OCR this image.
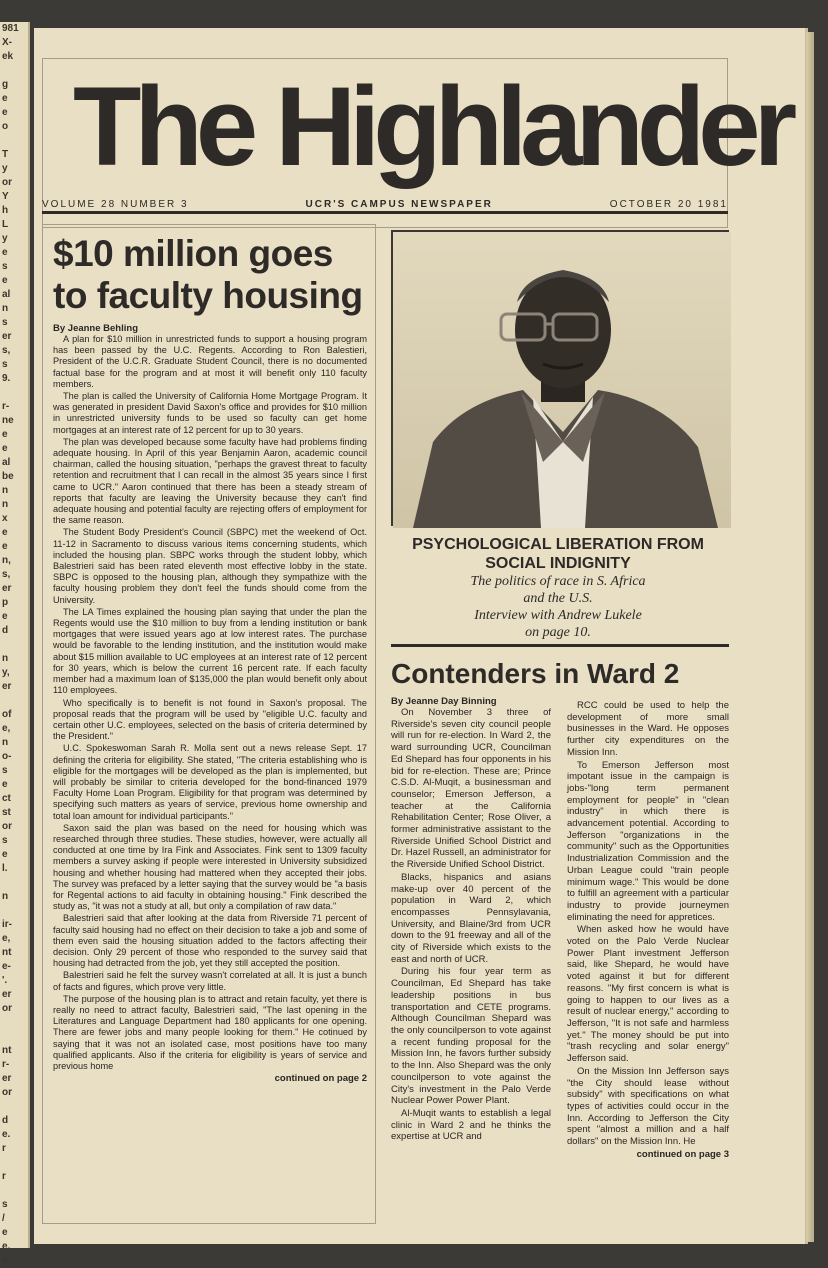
981
X-
ek

g
e
e
o

T
y
or
Y
h
L
y
e
s
e
al
n
s
er
s,
s
9.

r-
ne
e
e
al
be
n
n
x
e
e
n,
s,
er
p
e
d

n
y,
er

of
e,
n
o-
s
e
ct
st
or
s
e
l.

n

ir-
e,
nt
e-
'.
er
or

nt
r-
er
or

d
e.
r

r

s
/
e
e.
e
The Highlander
VOLUME 28 NUMBER 3	UCR'S CAMPUS NEWSPAPER	OCTOBER 20 1981
$10 million goes to faculty housing
By Jeanne Behling

A plan for $10 million in unrestricted funds to support a housing program has been passed by the U.C. Regents. According to Ron Balestieri, President of the U.C.R. Graduate Student Council, there is no documented factual base for the program and at most it will benefit only 110 faculty members.

The plan is called the University of California Home Mortgage Program. It was generated in president David Saxon's office and provides for $10 million in unrestricted university funds to be used so faculty can get home mortgages at an interest rate of 12 percent for up to 30 years.

The plan was developed because some faculty have had problems finding adequate housing. In April of this year Benjamin Aaron, academic council chairman, called the housing situation, "perhaps the gravest threat to faculty retention and recruitment that I can recall in the almost 35 years since I first came to UCR." Aaron continued that there has been a steady stream of reports that faculty are leaving the University because they can't find adequate housing and potential faculty are rejecting offers of employment for the same reason.

The Student Body President's Council (SBPC) met the weekend of Oct. 11-12 in Sacramento to discuss various items concerning students, which included the housing plan. SBPC works through the student lobby, which Balestrieri said has been rated eleventh most effective lobby in the state. SBPC is opposed to the housing plan, although they sympathize with the faculty housing problem they don't feel the funds should come from the University.

The LA Times explained the housing plan saying that under the plan the Regents would use the $10 million to buy from a lending institution or bank mortgages that were issued years ago at low interest rates. The purchase would be favorable to the lending institution, and the institution would make about $15 million available to UC employees at an interest rate of 12 percent for 30 years, which is below the current 16 percent rate. If each faculty member had a maximum loan of $135,000 the plan would benefit only about 110 employees.

Who specifically is to benefit is not found in Saxon's proposal. The proposal reads that the program will be used by "eligible U.C. faculty and certain other U.C. employees, selected on the basis of criteria determined by the President."

U.C. Spokeswoman Sarah R. Molla sent out a news release Sept. 17 defining the criteria for eligibility. She stated, "The criteria establishing who is eligible for the mortgages will be developed as the plan is implemented, but will probably be similar to criteria developed for the bond-financed 1979 Faculty Home Loan Program. Eligibility for that program was determined by specifying such matters as years of service, previous home ownership and total loan amount for individual participants."

Saxon said the plan was based on the need for housing which was researched through three studies. These studies, however, were actually all conducted at one time by Ira Fink and Associates. Fink sent to 1309 faculty members a survey asking if people were interested in University subsidized housing and whether housing had mattered when they accepted their jobs. The survey was prefaced by a letter saying that the survey would be "a basis for Regental actions to aid faculty in obtaining housing." Fink described the study as, "it was not a study at all, but only a compilation of raw data."

Balestrieri said that after looking at the data from Riverside 71 percent of faculty said housing had no effect on their decision to take a job and some of them even said the housing situation added to the factors affecting their decision. Only 29 percent of those who responded to the survey said that housing had detracted from the job, yet they still accepted the position.

Balestrieri said he felt the survey wasn't correlated at all. It is just a bunch of facts and figures, which prove very little.

The purpose of the housing plan is to attract and retain faculty, yet there is really no need to attract faculty, Balestrieri said, "The last opening in the Literatures and Language Department had 180 applicants for one opening. There are fewer jobs and many people looking for them." He cotinued by saying that it was not an isolated case, most positions have too many qualified applicants. Also if the criteria for eligibility is years of service and previous home

continued on page 2
PSYCHOLOGICAL LIBERATION FROM SOCIAL INDIGNITY
The politics of race in S. Africa
and the U.S.
Interview with Andrew Lukele
on page 10.
Contenders in Ward 2
By Jeanne Day Binning

On November 3 three of Riverside's seven city council people will run for re-election. In Ward 2, the ward surrounding UCR, Councilman Ed Shepard has four opponents in his bid for re-election. These are; Prince C.S.D. Al-Muqit, a businessman and counselor; Emerson Jefferson, a teacher at the California Rehabilitation Center; Rose Oliver, a former administrative assistant to the Riverside Unified School District and Dr. Hazel Russell, an administrator for the Riverside Unified School District.

Blacks, hispanics and asians make-up over 40 percent of the population in Ward 2, which encompasses Pennsylavania, University, and Blaine/3rd from UCR down to the 91 freeway and all of the city of Riverside which exists to the east and north of UCR.

During his four year term as Councilman, Ed Shepard has take leadership positions in bus transportation and CETE programs. Although Councilman Shepard was the only councilperson to vote against a recent funding proposal for the Mission Inn, he favors further subsidy to the Inn. Also Shepard was the only councilperson to vote against the City's investment in the Palo Verde Nuclear Power Power Plant.

Al-Muqit wants to establish a legal clinic in Ward 2 and he thinks the expertise at UCR and

RCC could be used to help the development of more small businesses in the Ward. He opposes further city expenditures on the Mission Inn.

To Emerson Jefferson most impotant issue in the campaign is jobs-"long term permanent employment for people" in "clean industry" in which there is advancement potential. According to Jefferson "organizations in the community" such as the Opportunities Industrialization Commission and the Urban League could "train people minimum wage." This would be done to fulfill an agreement with a particular industry to provide journeymen eliminating the need for appretices.

When asked how he would have voted on the Palo Verde Nuclear Power Plant investment Jefferson said, like Shepard, he would have voted against it but for different reasons. "My first concern is what is going to happen to our lives as a result of nuclear energy," according to Jefferson, "It is not safe and harmless yet." The money should be put into "trash recycling and solar energy" Jefferson said.

On the Mission Inn Jefferson says "the City should lease without subsidy" with specifications on what types of activities could occur in the Inn. According to Jefferson the City spent "almost a million and a half dollars" on the Mission Inn. He

continued on page 3
